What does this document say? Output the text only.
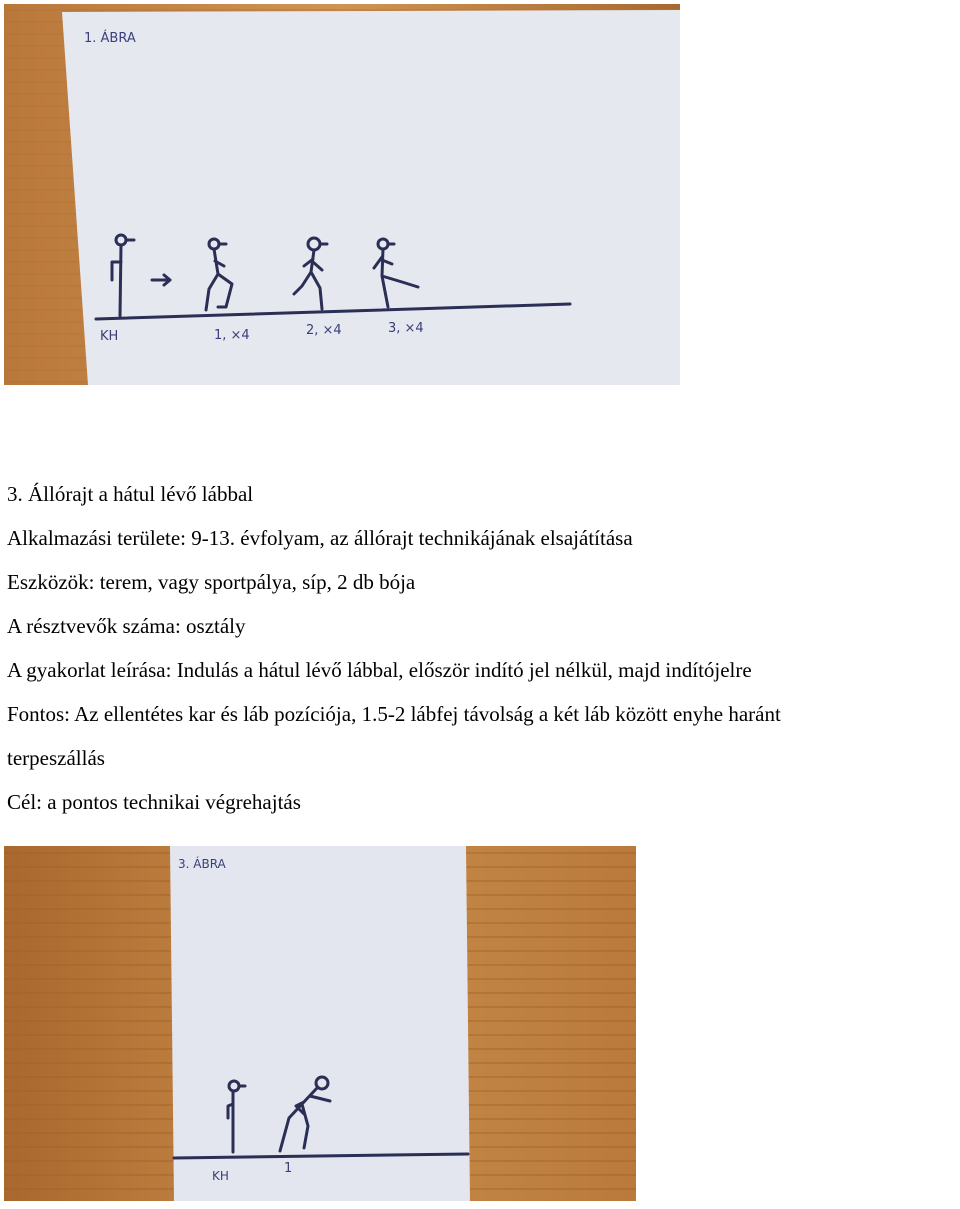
1. ÁBRA
KH	1, ×4	2, ×4	3, ×4
3. Állórajt a hátul lévő lábbal
Alkalmazási területe: 9-13. évfolyam, az állórajt technikájának elsajátítása
Eszközök: terem, vagy sportpálya, síp, 2 db bója
A résztvevők száma: osztály
A gyakorlat leírása: Indulás a hátul lévő lábbal, először indító jel nélkül, majd indítójelre
Fontos: Az ellentétes kar és láb pozíciója, 1.5-2 lábfej távolság a két láb között enyhe haránt
terpeszállás
Cél: a pontos technikai végrehajtás
3. ÁBRA
KH	1
